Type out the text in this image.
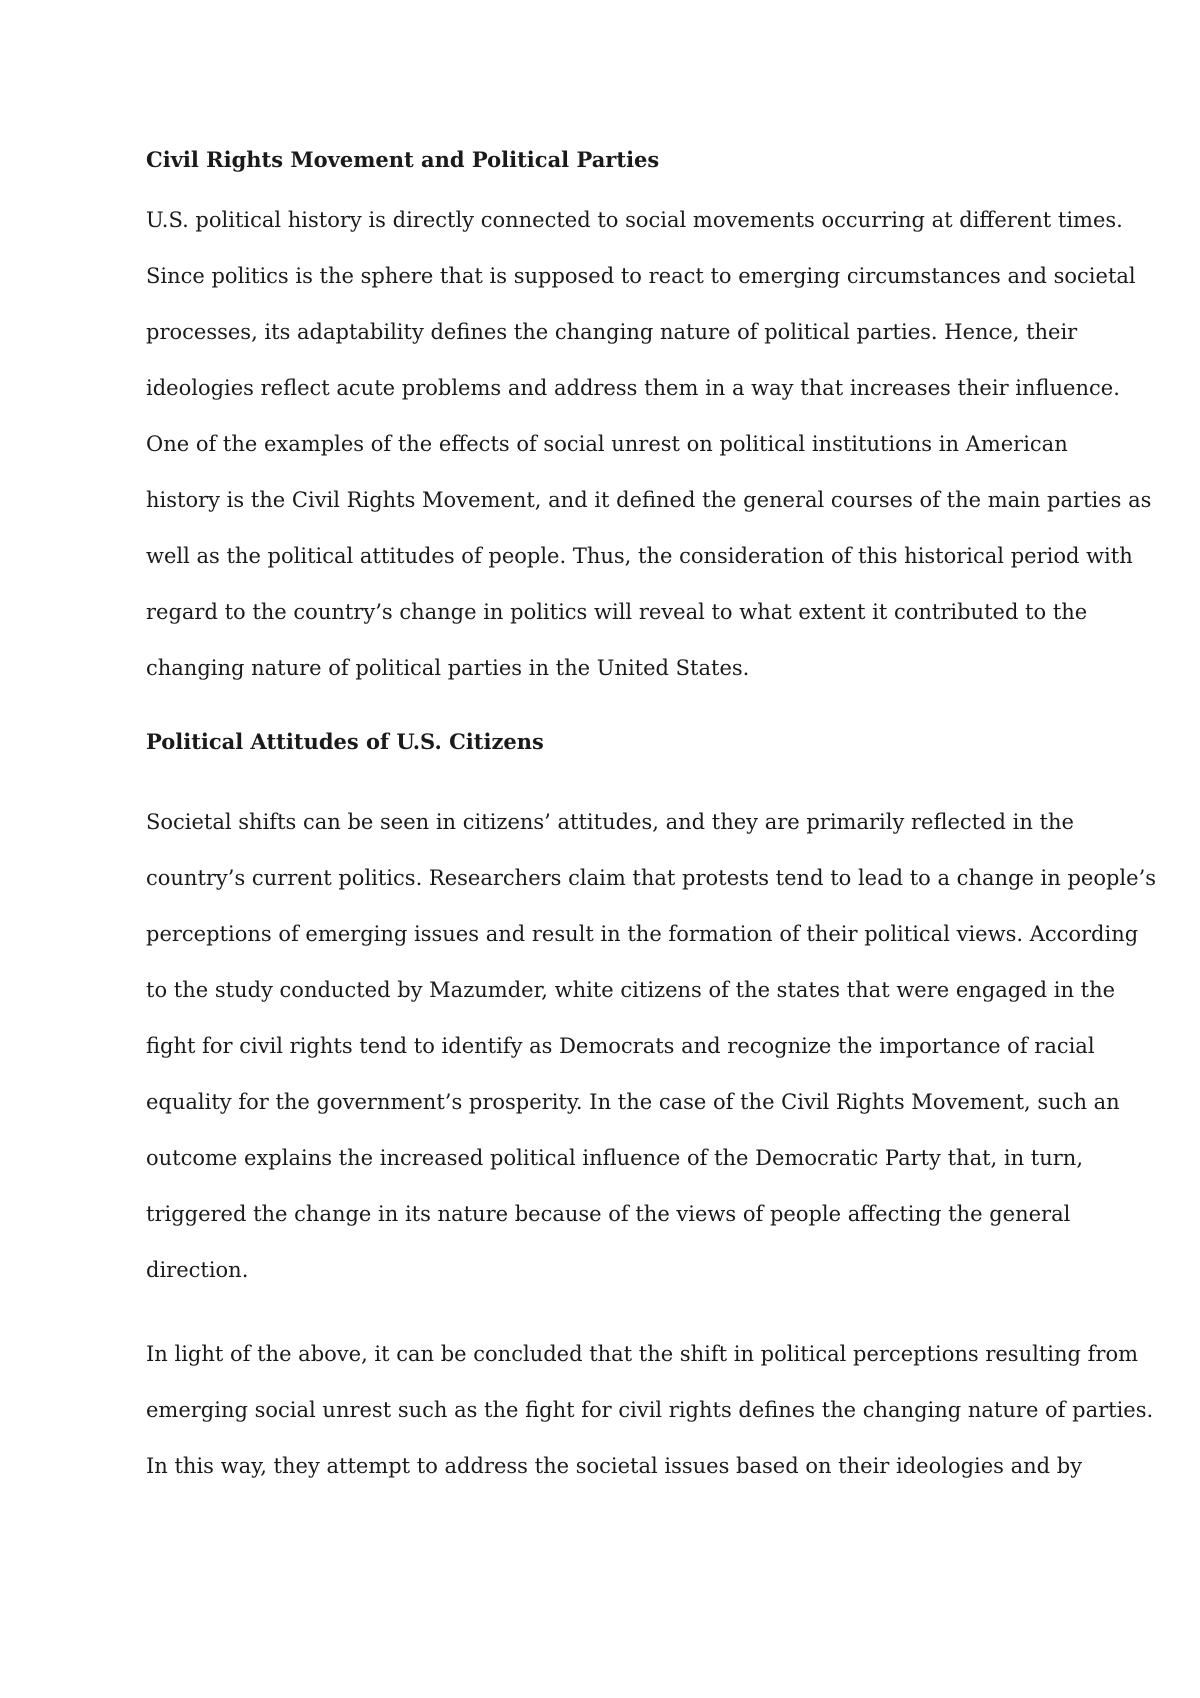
Civil Rights Movement and Political Parties

U.S. political history is directly connected to social movements occurring at different times.

Since politics is the sphere that is supposed to react to emerging circumstances and societal

processes, its adaptability defines the changing nature of political parties. Hence, their

ideologies reflect acute problems and address them in a way that increases their influence.

One of the examples of the effects of social unrest on political institutions in American

history is the Civil Rights Movement, and it defined the general courses of the main parties as

well as the political attitudes of people. Thus, the consideration of this historical period with

regard to the country’s change in politics will reveal to what extent it contributed to the

changing nature of political parties in the United States.

Political Attitudes of U.S. Citizens

Societal shifts can be seen in citizens’ attitudes, and they are primarily reflected in the

country’s current politics. Researchers claim that protests tend to lead to a change in people’s

perceptions of emerging issues and result in the formation of their political views. According

to the study conducted by Mazumder, white citizens of the states that were engaged in the

fight for civil rights tend to identify as Democrats and recognize the importance of racial

equality for the government’s prosperity. In the case of the Civil Rights Movement, such an

outcome explains the increased political influence of the Democratic Party that, in turn,

triggered the change in its nature because of the views of people affecting the general

direction.

In light of the above, it can be concluded that the shift in political perceptions resulting from

emerging social unrest such as the fight for civil rights defines the changing nature of parties.

In this way, they attempt to address the societal issues based on their ideologies and by
